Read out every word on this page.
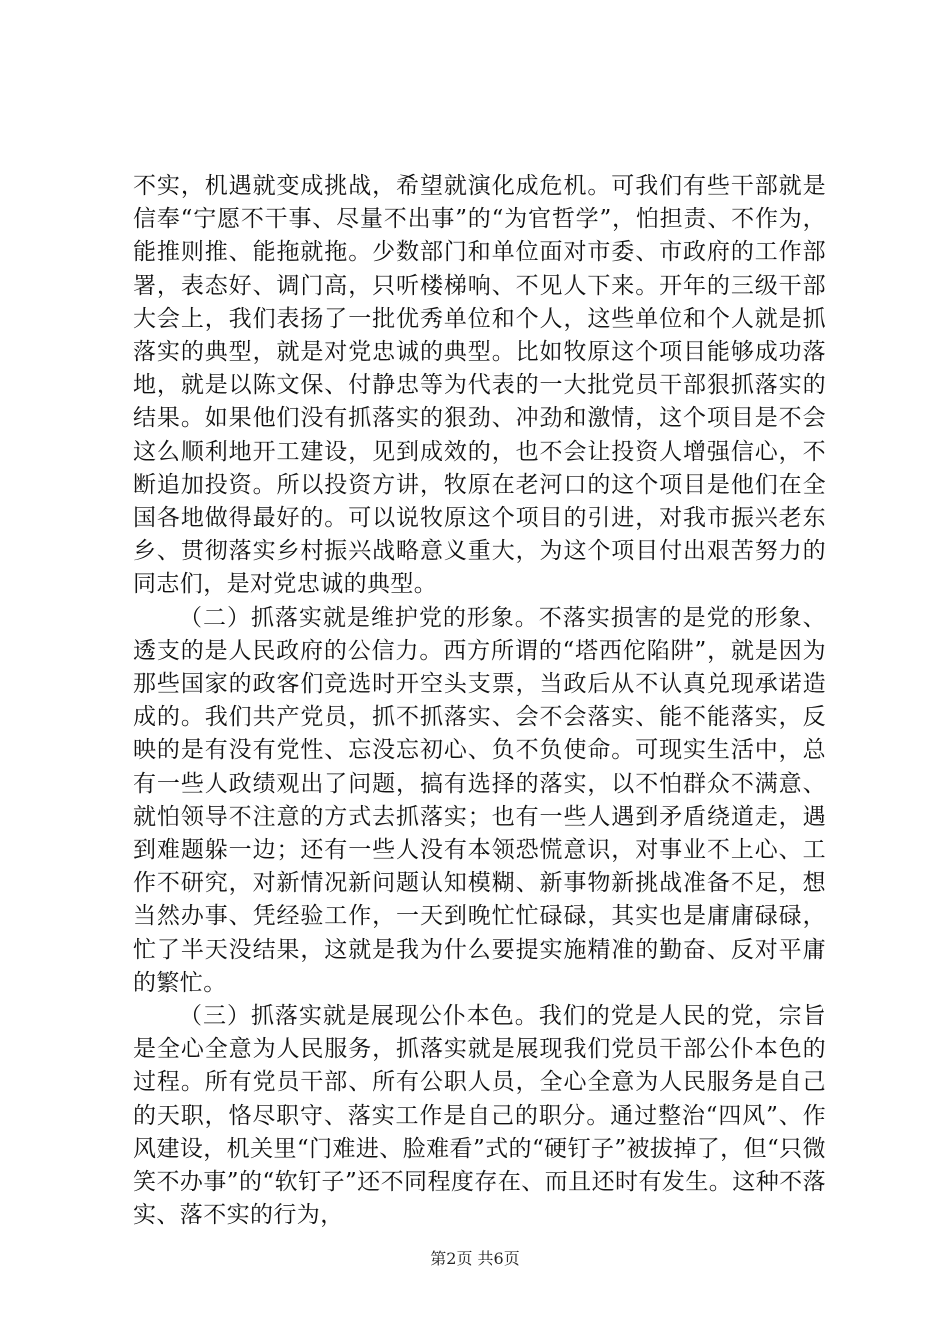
不实，机遇就变成挑战，希望就演化成危机。可我们有些干部就是信奉“宁愿不干事、尽量不出事”的“为官哲学”，怕担责、不作为，能推则推、能拖就拖。少数部门和单位面对市委、市政府的工作部署，表态好、调门高，只听楼梯响、不见人下来。开年的三级干部大会上，我们表扬了一批优秀单位和个人，这些单位和个人就是抓落实的典型，就是对党忠诚的典型。比如牧原这个项目能够成功落地，就是以陈文保、付静忠等为代表的一大批党员干部狠抓落实的结果。如果他们没有抓落实的狠劲、冲劲和激情，这个项目是不会这么顺利地开工建设，见到成效的，也不会让投资人增强信心，不断追加投资。所以投资方讲，牧原在老河口的这个项目是他们在全国各地做得最好的。可以说牧原这个项目的引进，对我市振兴老东乡、贯彻落实乡村振兴战略意义重大，为这个项目付出艰苦努力的同志们，是对党忠诚的典型。

（二）抓落实就是维护党的形象。不落实损害的是党的形象、透支的是人民政府的公信力。西方所谓的“塔西佗陷阱”，就是因为那些国家的政客们竞选时开空头支票，当政后从不认真兑现承诺造成的。我们共产党员，抓不抓落实、会不会落实、能不能落实，反映的是有没有党性、忘没忘初心、负不负使命。可现实生活中，总有一些人政绩观出了问题，搞有选择的落实，以不怕群众不满意、就怕领导不注意的方式去抓落实；也有一些人遇到矛盾绕道走，遇到难题躲一边；还有一些人没有本领恐慌意识，对事业不上心、工作不研究，对新情况新问题认知模糊、新事物新挑战准备不足，想当然办事、凭经验工作，一天到晚忙忙碌碌，其实也是庸庸碌碌，忙了半天没结果，这就是我为什么要提实施精准的勤奋、反对平庸的繁忙。

（三）抓落实就是展现公仆本色。我们的党是人民的党，宗旨是全心全意为人民服务，抓落实就是展现我们党员干部公仆本色的过程。所有党员干部、所有公职人员，全心全意为人民服务是自己的天职，恪尽职守、落实工作是自己的职分。通过整治“四风”、作风建设，机关里“门难进、脸难看”式的“硬钉子”被拔掉了，但“只微笑不办事”的“软钉子”还不同程度存在、而且还时有发生。这种不落实、落不实的行为，

第2页 共6页
